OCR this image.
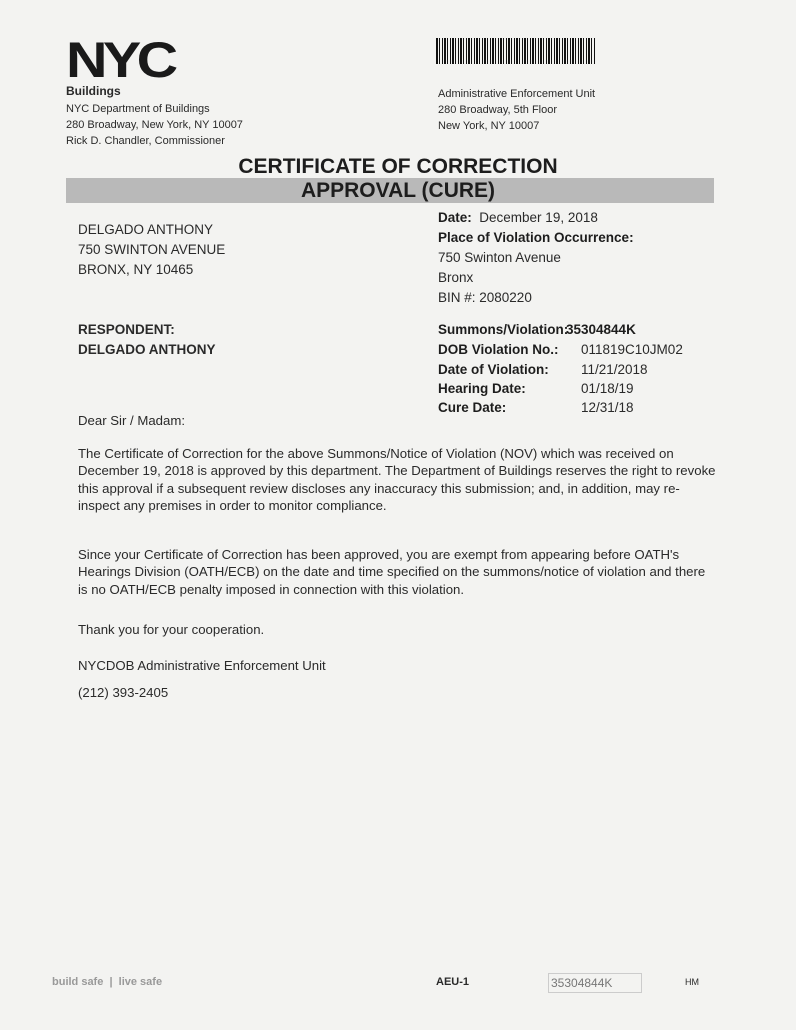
NYC
Buildings
NYC Department of Buildings
280 Broadway, New York, NY 10007
Rick D. Chandler, Commissioner
Administrative Enforcement Unit
280 Broadway, 5th Floor
New York, NY 10007
CERTIFICATE OF CORRECTION
APPROVAL (CURE)
DELGADO ANTHONY
750 SWINTON AVENUE
BRONX, NY 10465
Date: December 19, 2018
Place of Violation Occurrence:
750 Swinton Avenue
Bronx
BIN #: 2080220
RESPONDENT:
DELGADO ANTHONY
Summons/Violation:
35304844K
DOB Violation No.: 011819C10JM02
Date of Violation: 11/21/2018
Hearing Date:	01/18/19
Cure Date:	12/31/18
Dear Sir / Madam:
The Certificate of Correction for the above Summons/Notice of Violation (NOV) which was received on December 19, 2018 is approved by this department. The Department of Buildings reserves the right to revoke this approval if a subsequent review discloses any inaccuracy this submission; and, in addition, may re-inspect any premises in order to monitor compliance.
Since your Certificate of Correction has been approved, you are exempt from appearing before OATH's Hearings Division (OATH/ECB) on the date and time specified on the summons/notice of violation and there is no OATH/ECB penalty imposed in connection with this violation.
Thank you for your cooperation.
NYCDOB Administrative Enforcement Unit
(212) 393-2405
build safe  |  live safe	AEU-1	35304844K	HM
